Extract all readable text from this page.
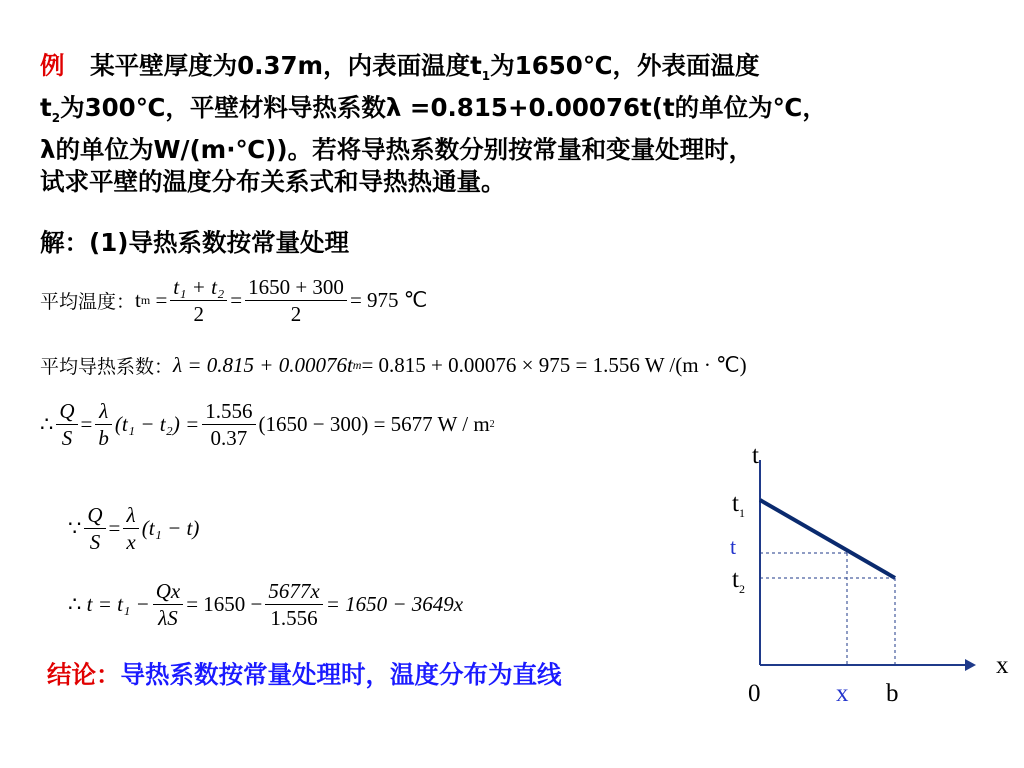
例   某平壁厚度为0.37m，内表面温度$t_1$为1650℃，外表面温度
$t_2$为300℃，平壁材料导热系数λ =0.815+0.00076t(t的单位为℃，
λ的单位为W/(m·℃))。若将导热系数分别按常量和变量处理时，
试求平壁的温度分布关系式和导热热通量。
解：(1)导热系数按常量处理
平均温度： t $m = \frac{\text{t₁ + t₂}}{2} = \frac{1650 + 300}{2} = 975$ ℃
平均导热系数： λ = 0.815 + 0.00076t m = 0.815 + 0.00076 × 975 = 1.556 W /(m · ℃)
∴ $\frac{Q}{S} = \frac{\lambda}{b} (t_1 - t_2) = \frac{1.556}{0.37} (1650 - 300) = 5677$ W / m 2
∵ $\frac{Q}{S} = \frac{\lambda}{x} (t_1 - t)$
∴
$t = t_1 - \frac{Qx}{\lambda S} = 1650 - \frac{5677x}{1.556} = 1650 - 3649x$
结论：导热系数按常量处理时，温度分布为直线
t
$t_1$
t
$t_2$
0	x b
x
